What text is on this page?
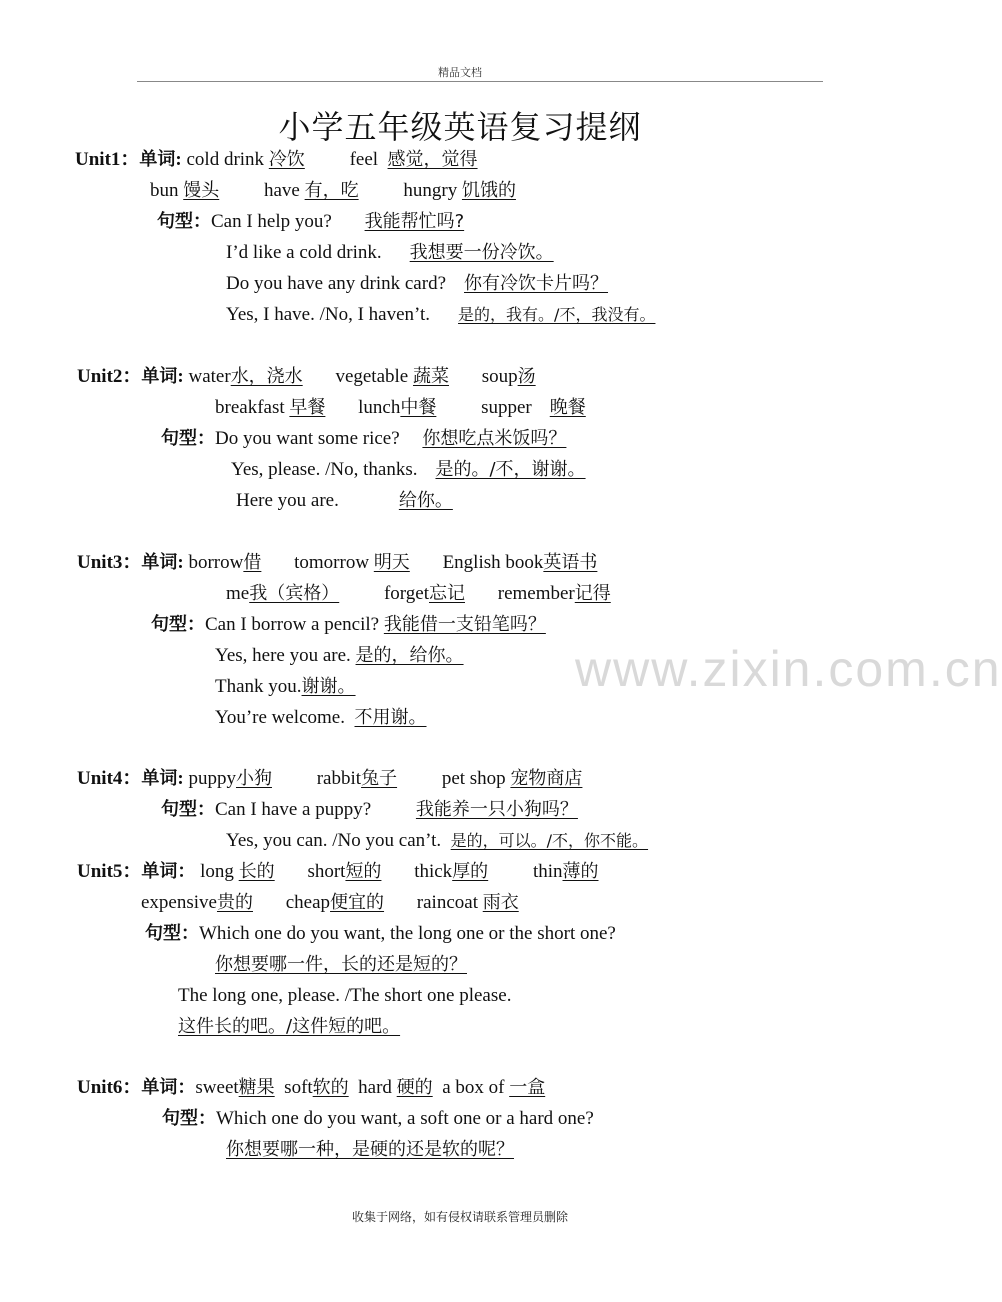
精品文档
小学五年级英语复习提纲
www.zixin.com.cn
Unit1：单词: cold drink 冷饮 feel 感觉，觉得
bun 馒头 have 有，吃 hungry 饥饿的
句型：Can I help you? 我能帮忙吗?
I’d like a cold drink. 我想要一份冷饮。
Do you have any drink card? 你有冷饮卡片吗？
Yes, I have. /No, I haven’t. 是的，我有。/不，我没有。
Unit2：单词: water水，浇水 vegetable 蔬菜 soup汤
breakfast 早餐 lunch中餐 supper 晚餐
句型：Do you want some rice? 你想吃点米饭吗？
Yes, please. /No, thanks. 是的。/不，谢谢。
Here you are.	给你。
Unit3：单词: borrow借 tomorrow 明天 English book英语书
me我（宾格） forget忘记 remember记得
句型：Can I borrow a pencil? 我能借一支铅笔吗？
Yes, here you are. 是的，给你。
Thank you.谢谢。
You’re welcome. 不用谢。
Unit4：单词: puppy小狗 rabbit兔子 pet shop 宠物商店
句型：Can I have a puppy? 我能养一只小狗吗？
Yes, you can. /No you can’t. 是的，可以。/不，你不能。
Unit5：单词： long 长的 short短的 thick厚的 thin薄的
expensive贵的 cheap便宜的 raincoat 雨衣
句型：Which one do you want, the long one or the short one?
你想要哪一件，长的还是短的？
The long one, please. /The short one please.
这件长的吧。/这件短的吧。
Unit6：单词：sweet糖果 soft软的 hard 硬的 a box of 一盒
句型：Which one do you want, a soft one or a hard one?
你想要哪一种，是硬的还是软的呢？
收集于网络，如有侵权请联系管理员删除
